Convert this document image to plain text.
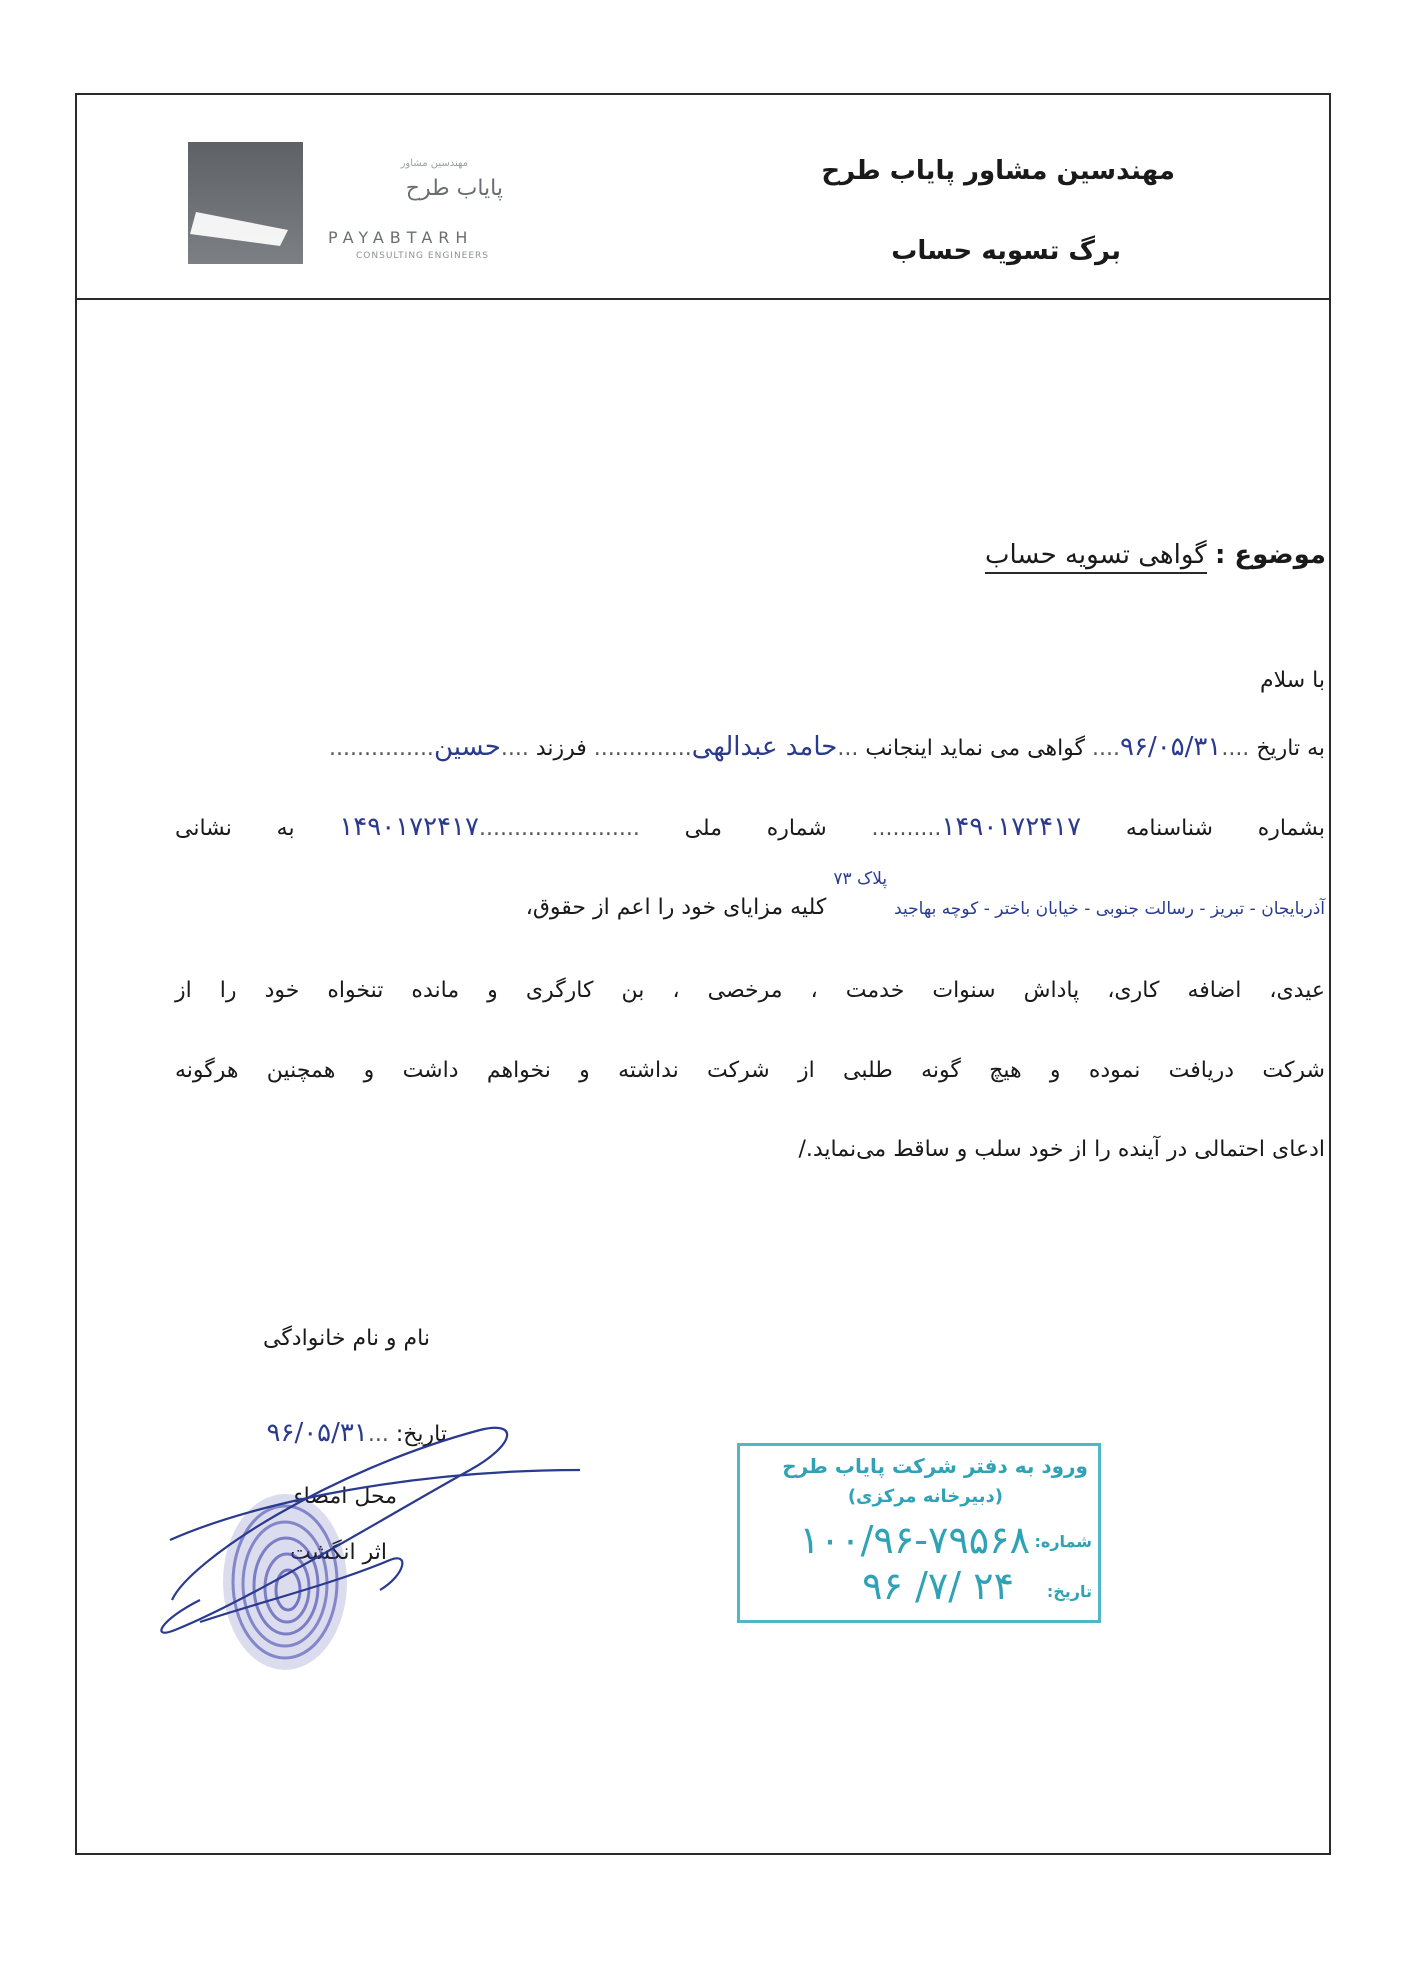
مهندسین مشاور
پایاب طرح
PAYABTARH
CONSULTING ENGINEERS
مهندسین مشاور پایاب طرح
برگ تسویه حساب
موضوع : گواهی تسویه حساب
با سلام
به تاریخ ....۹۶/۰۵/۳۱.... گواهی می نماید اینجانب ...حامد عبدالهی.............. فرزند ....حسین...............
بشماره شناسنامه ۱۴۹۰۱۷۲۴۱۷.......... شماره ملی .......................۱۴۹۰۱۷۲۴۱۷ به نشانی
آذربایجان - تبریز - رسالت جنوبی - خیابان باختر - کوچه بهاجید $^{پلاک ۷۳}$ کلیه مزایای خود را اعم از حقوق،
عیدی، اضافه کاری، پاداش سنوات خدمت ، مرخصی ، بن کارگری و مانده تنخواه خود را از
شرکت دریافت نموده و هیچ گونه طلبی از شرکت نداشته و نخواهم داشت و همچنین هرگونه
ادعای احتمالی در آینده را از خود سلب و ساقط می‌نماید./
نام و نام خانوادگی
تاریخ: ...۹۶/۰۵/۳۱
محل امضاء
اثر انگشت
ورود به دفتر شرکت پایاب طرح
(دبیرخانه مرکزی)
شماره:
۱۰۰/۹۶-۷۹۵۶۸
تاریخ:
۹۶ /۷/ ۲۴
